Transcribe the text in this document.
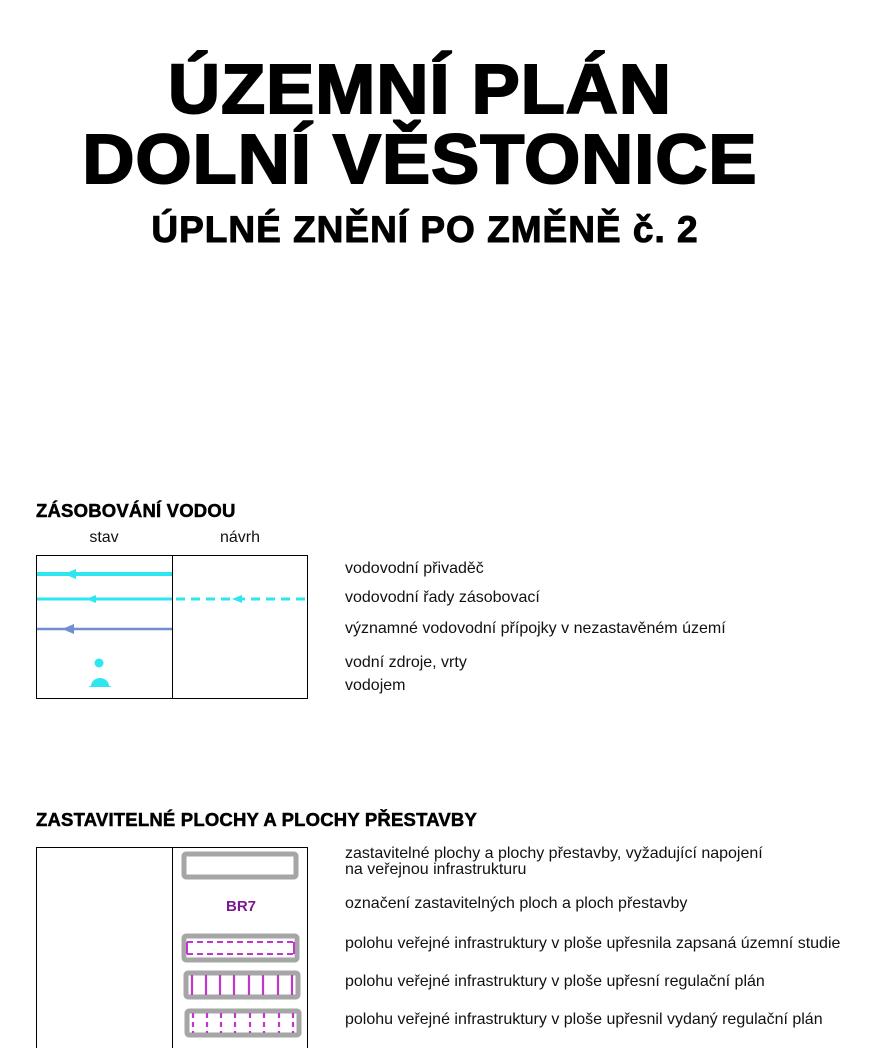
ÚZEMNÍ PLÁN
DOLNÍ VĚSTONICE
ÚPLNÉ ZNĚNÍ PO ZMĚNĚ č. 2
ZÁSOBOVÁNÍ VODOU
stav	návrh
vodovodní přivaděč
vodovodní řady zásobovací
významné vodovodní přípojky v nezastavěném území
vodní zdroje, vrty
vodojem
ZASTAVITELNÉ PLOCHY A PLOCHY PŘESTAVBY
BR7
zastavitelné plochy a plochy přestavby, vyžadující napojení
na veřejnou infrastrukturu
označení zastavitelných ploch a ploch přestavby
polohu veřejné infrastruktury v ploše upřesnila zapsaná územní studie
polohu veřejné infrastruktury v ploše upřesní regulační plán
polohu veřejné infrastruktury v ploše upřesnil vydaný regulační plán
